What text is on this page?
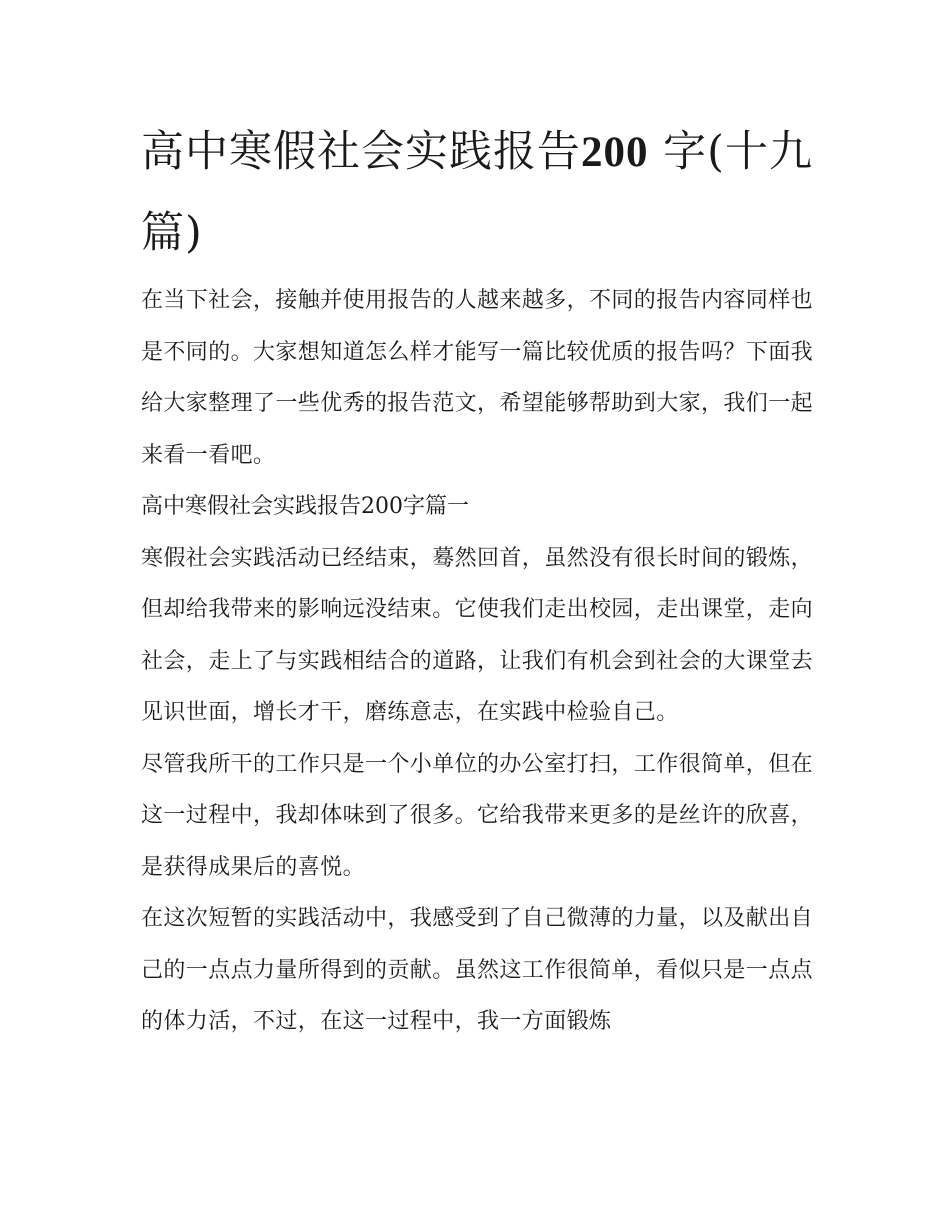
高中寒假社会实践报告200 字(十九篇)

在当下社会，接触并使用报告的人越来越多，不同的报告内容同样也是不同的。大家想知道怎么样才能写一篇比较优质的报告吗？下面我给大家整理了一些优秀的报告范文，希望能够帮助到大家，我们一起来看一看吧。

高中寒假社会实践报告200字篇一

寒假社会实践活动已经结束，蓦然回首，虽然没有很长时间的锻炼，但却给我带来的影响远没结束。它使我们走出校园，走出课堂，走向社会，走上了与实践相结合的道路，让我们有机会到社会的大课堂去见识世面，增长才干，磨练意志，在实践中检验自己。

尽管我所干的工作只是一个小单位的办公室打扫，工作很简单，但在这一过程中，我却体味到了很多。它给我带来更多的是丝许的欣喜，是获得成果后的喜悦。

在这次短暂的实践活动中，我感受到了自己微薄的力量，以及献出自己的一点点力量所得到的贡献。虽然这工作很简单，看似只是一点点的体力活，不过，在这一过程中，我一方面锻炼
